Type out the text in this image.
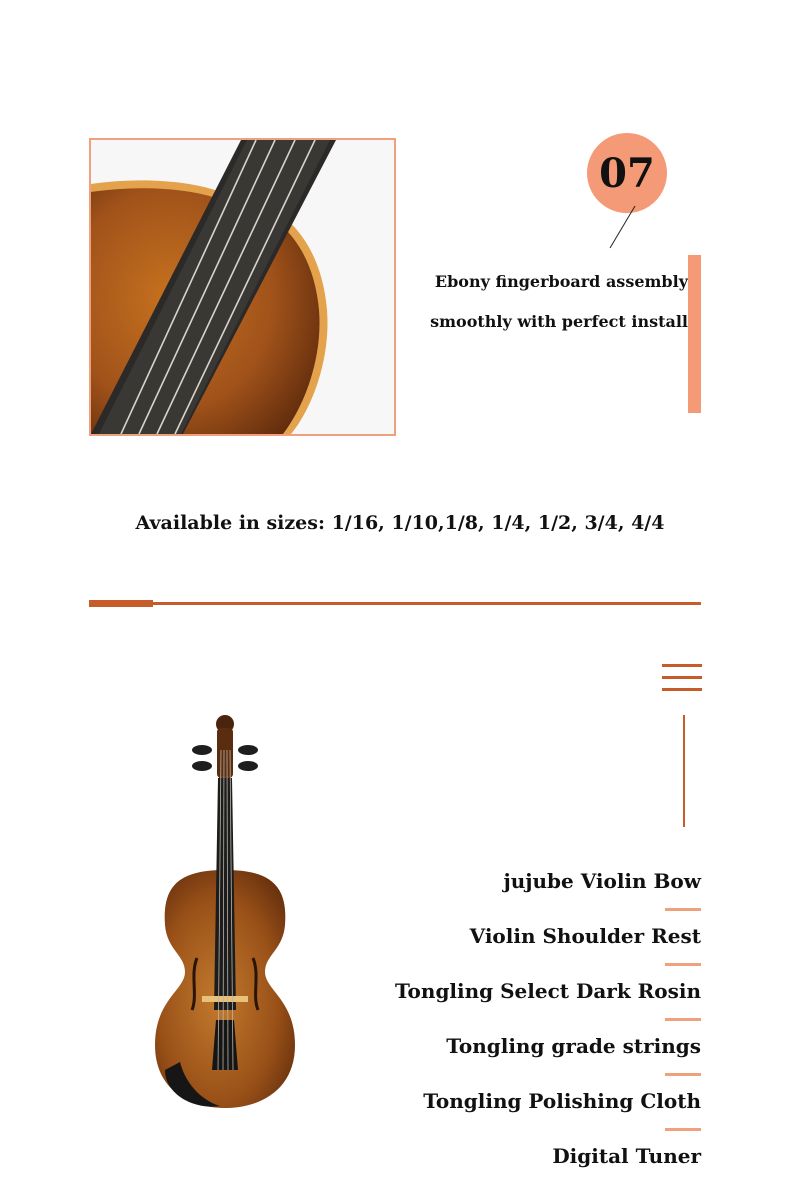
07
Ebony fingerboard assembly
smoothly with perfect install
Available in sizes: 1/16, 1/10,1/8, 1/4, 1/2, 3/4, 4/4
jujube Violin Bow
Violin Shoulder Rest
Tongling Select Dark Rosin
Tongling grade strings
Tongling Polishing Cloth
Digital Tuner
